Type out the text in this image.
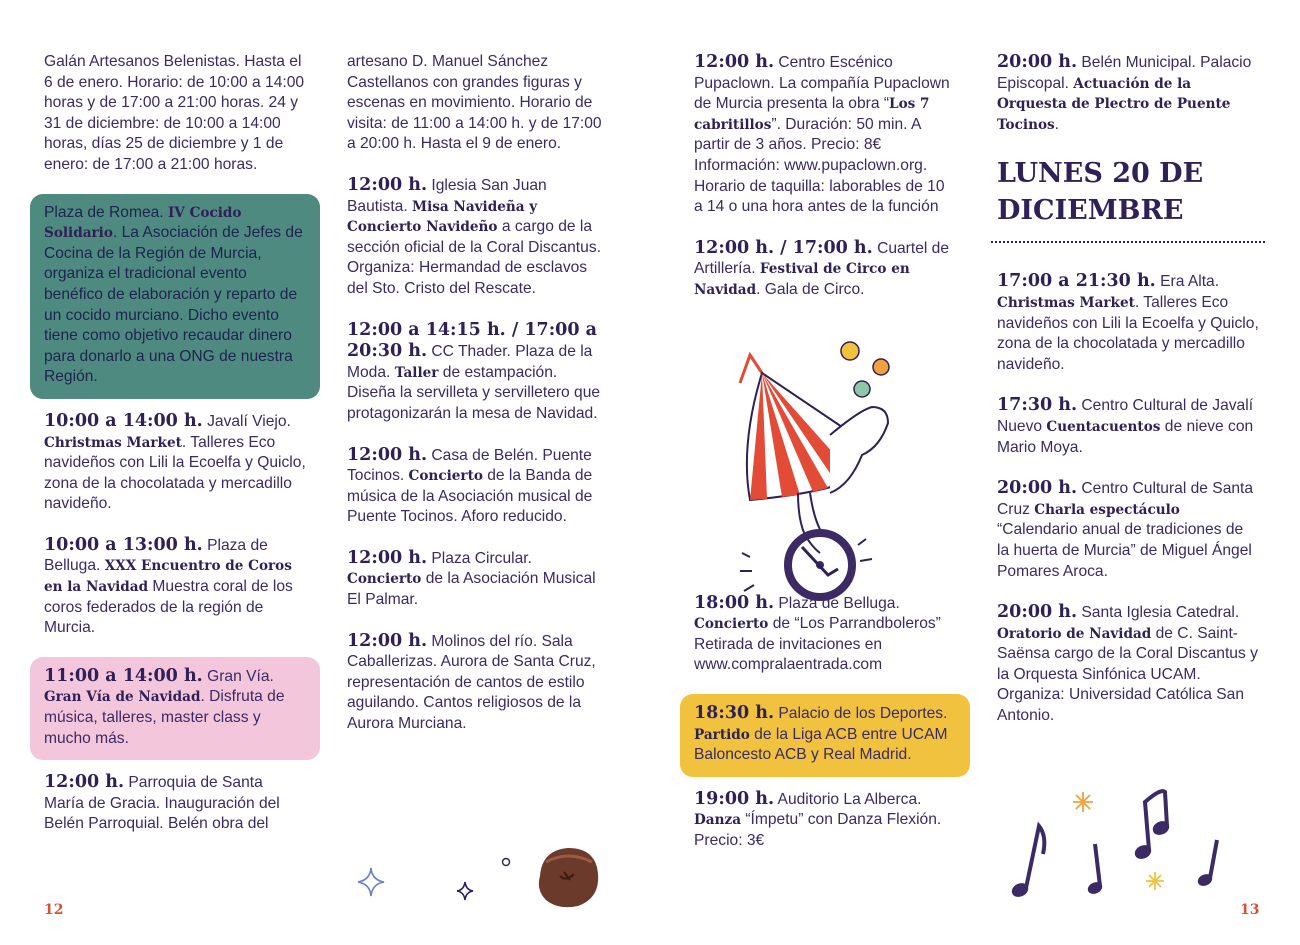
Galán Artesanos Belenistas. Hasta el 6 de enero. Horario: de 10:00 a 14:00 horas y de 17:00 a 21:00 horas. 24 y 31 de diciembre: de 10:00 a 14:00 horas, días 25 de diciembre y 1 de enero: de 17:00 a 21:00 horas.

Plaza de Romea. IV Cocido Solidario. La Asociación de Jefes de Cocina de la Región de Murcia, organiza el tradicional evento benéfico de elaboración y reparto de un cocido murciano. Dicho evento tiene como objetivo recaudar dinero para donarlo a una ONG de nuestra Región.

10:00 a 14:00 h. Javalí Viejo. Christmas Market. Talleres Eco navideños con Lili la Ecoelfa y Quiclo, zona de la chocolatada y mercadillo navideño.

10:00 a 13:00 h. Plaza de Belluga. XXX Encuentro de Coros en la Navidad Muestra coral de los coros federados de la región de Murcia.

11:00 a 14:00 h. Gran Vía. Gran Vía de Navidad. Disfruta de música, talleres, master class y mucho más.

12:00 h. Parroquia de Santa María de Gracia. Inauguración del Belén Parroquial. Belén obra del

artesano D. Manuel Sánchez Castellanos con grandes figuras y escenas en movimiento. Horario de visita: de 11:00 a 14:00 h. y de 17:00 a 20:00 h. Hasta el 9 de enero.

12:00 h. Iglesia San Juan Bautista. Misa Navideña y Concierto Navideño a cargo de la sección oficial de la Coral Discantus. Organiza: Hermandad de esclavos del Sto. Cristo del Rescate.

12:00 a 14:15 h. / 17:00 a 20:30 h. CC Thader. Plaza de la Moda. Taller de estampación. Diseña la servilleta y servilletero que protagonizarán la mesa de Navidad.

12:00 h. Casa de Belén. Puente Tocinos. Concierto de la Banda de música de la Asociación musical de Puente Tocinos. Aforo reducido.

12:00 h. Plaza Circular. Concierto de la Asociación Musical El Palmar.

12:00 h. Molinos del río. Sala Caballerizas. Aurora de Santa Cruz, representación de cantos de estilo aguilando. Cantos religiosos de la Aurora Murciana.

12:00 h. Centro Escénico Pupaclown. La compañía Pupaclown de Murcia presenta la obra “Los 7 cabritillos”. Duración: 50 min. A partir de 3 años. Precio: 8€ Información: www.pupaclown.org. Horario de taquilla: laborables de 10 a 14 o una hora antes de la función

12:00 h. / 17:00 h. Cuartel de Artillería. Festival de Circo en Navidad. Gala de Circo.

18:00 h. Plaza de Belluga. Concierto de “Los Parrandboleros” Retirada de invitaciones en www.compralaentrada.com

18:30 h. Palacio de los Deportes. Partido de la Liga ACB entre UCAM Baloncesto ACB y Real Madrid.

19:00 h. Auditorio La Alberca. Danza “Ímpetu” con Danza Flexión. Precio: 3€

20:00 h. Belén Municipal. Palacio Episcopal. Actuación de la Orquesta de Plectro de Puente Tocinos.

LUNES 20 DE DICIEMBRE

17:00 a 21:30 h. Era Alta. Christmas Market. Talleres Eco navideños con Lili la Ecoelfa y Quiclo, zona de la chocolatada y mercadillo navideño.

17:30 h. Centro Cultural de Javalí Nuevo Cuentacuentos de nieve con Mario Moya.

20:00 h. Centro Cultural de Santa Cruz Charla espectáculo “Calendario anual de tradiciones de la huerta de Murcia” de Miguel Ángel Pomares Aroca.

20:00 h. Santa Iglesia Catedral. Oratorio de Navidad de C. Saint-Saënsa cargo de la Coral Discantus y la Orquesta Sinfónica UCAM. Organiza: Universidad Católica San Antonio.

12	13
